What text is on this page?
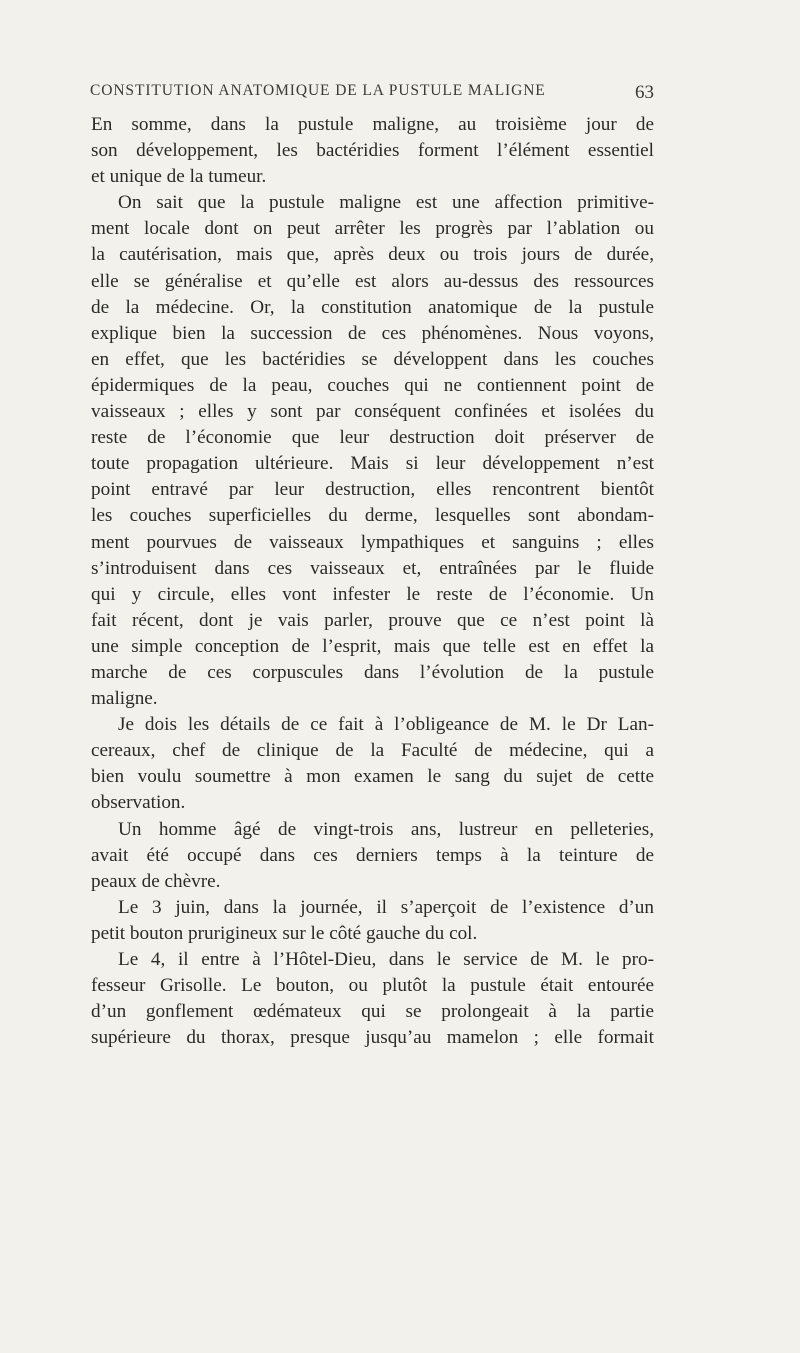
CONSTITUTION ANATOMIQUE DE LA PUSTULE MALIGNE	63
En somme, dans la pustule maligne, au troisième jour de
son développement, les bactéridies forment l’élément essentiel
et unique de la tumeur.
On sait que la pustule maligne est une affection primitive-
ment locale dont on peut arrêter les progrès par l’ablation ou
la cautérisation, mais que, après deux ou trois jours de durée,
elle se généralise et qu’elle est alors au-dessus des ressources
de la médecine. Or, la constitution anatomique de la pustule
explique bien la succession de ces phénomènes. Nous voyons,
en effet, que les bactéridies se développent dans les couches
épidermiques de la peau, couches qui ne contiennent point de
vaisseaux ; elles y sont par conséquent confinées et isolées du
reste de l’économie que leur destruction doit préserver de
toute propagation ultérieure. Mais si leur développement n’est
point entravé par leur destruction, elles rencontrent bientôt
les couches superficielles du derme, lesquelles sont abondam-
ment pourvues de vaisseaux lympathiques et sanguins ; elles
s’introduisent dans ces vaisseaux et, entraînées par le fluide
qui y circule, elles vont infester le reste de l’économie. Un
fait récent, dont je vais parler, prouve que ce n’est point là
une simple conception de l’esprit, mais que telle est en effet la
marche de ces corpuscules dans l’évolution de la pustule
maligne.
Je dois les détails de ce fait à l’obligeance de M. le Dr Lan-
cereaux, chef de clinique de la Faculté de médecine, qui a
bien voulu soumettre à mon examen le sang du sujet de cette
observation.
Un homme âgé de vingt-trois ans, lustreur en pelleteries,
avait été occupé dans ces derniers temps à la teinture de
peaux de chèvre.
Le 3 juin, dans la journée, il s’aperçoit de l’existence d’un
petit bouton prurigineux sur le côté gauche du col.
Le 4, il entre à l’Hôtel-Dieu, dans le service de M. le pro-
fesseur Grisolle. Le bouton, ou plutôt la pustule était entourée
d’un gonflement œdémateux qui se prolongeait à la partie
supérieure du thorax, presque jusqu’au mamelon ; elle formait
